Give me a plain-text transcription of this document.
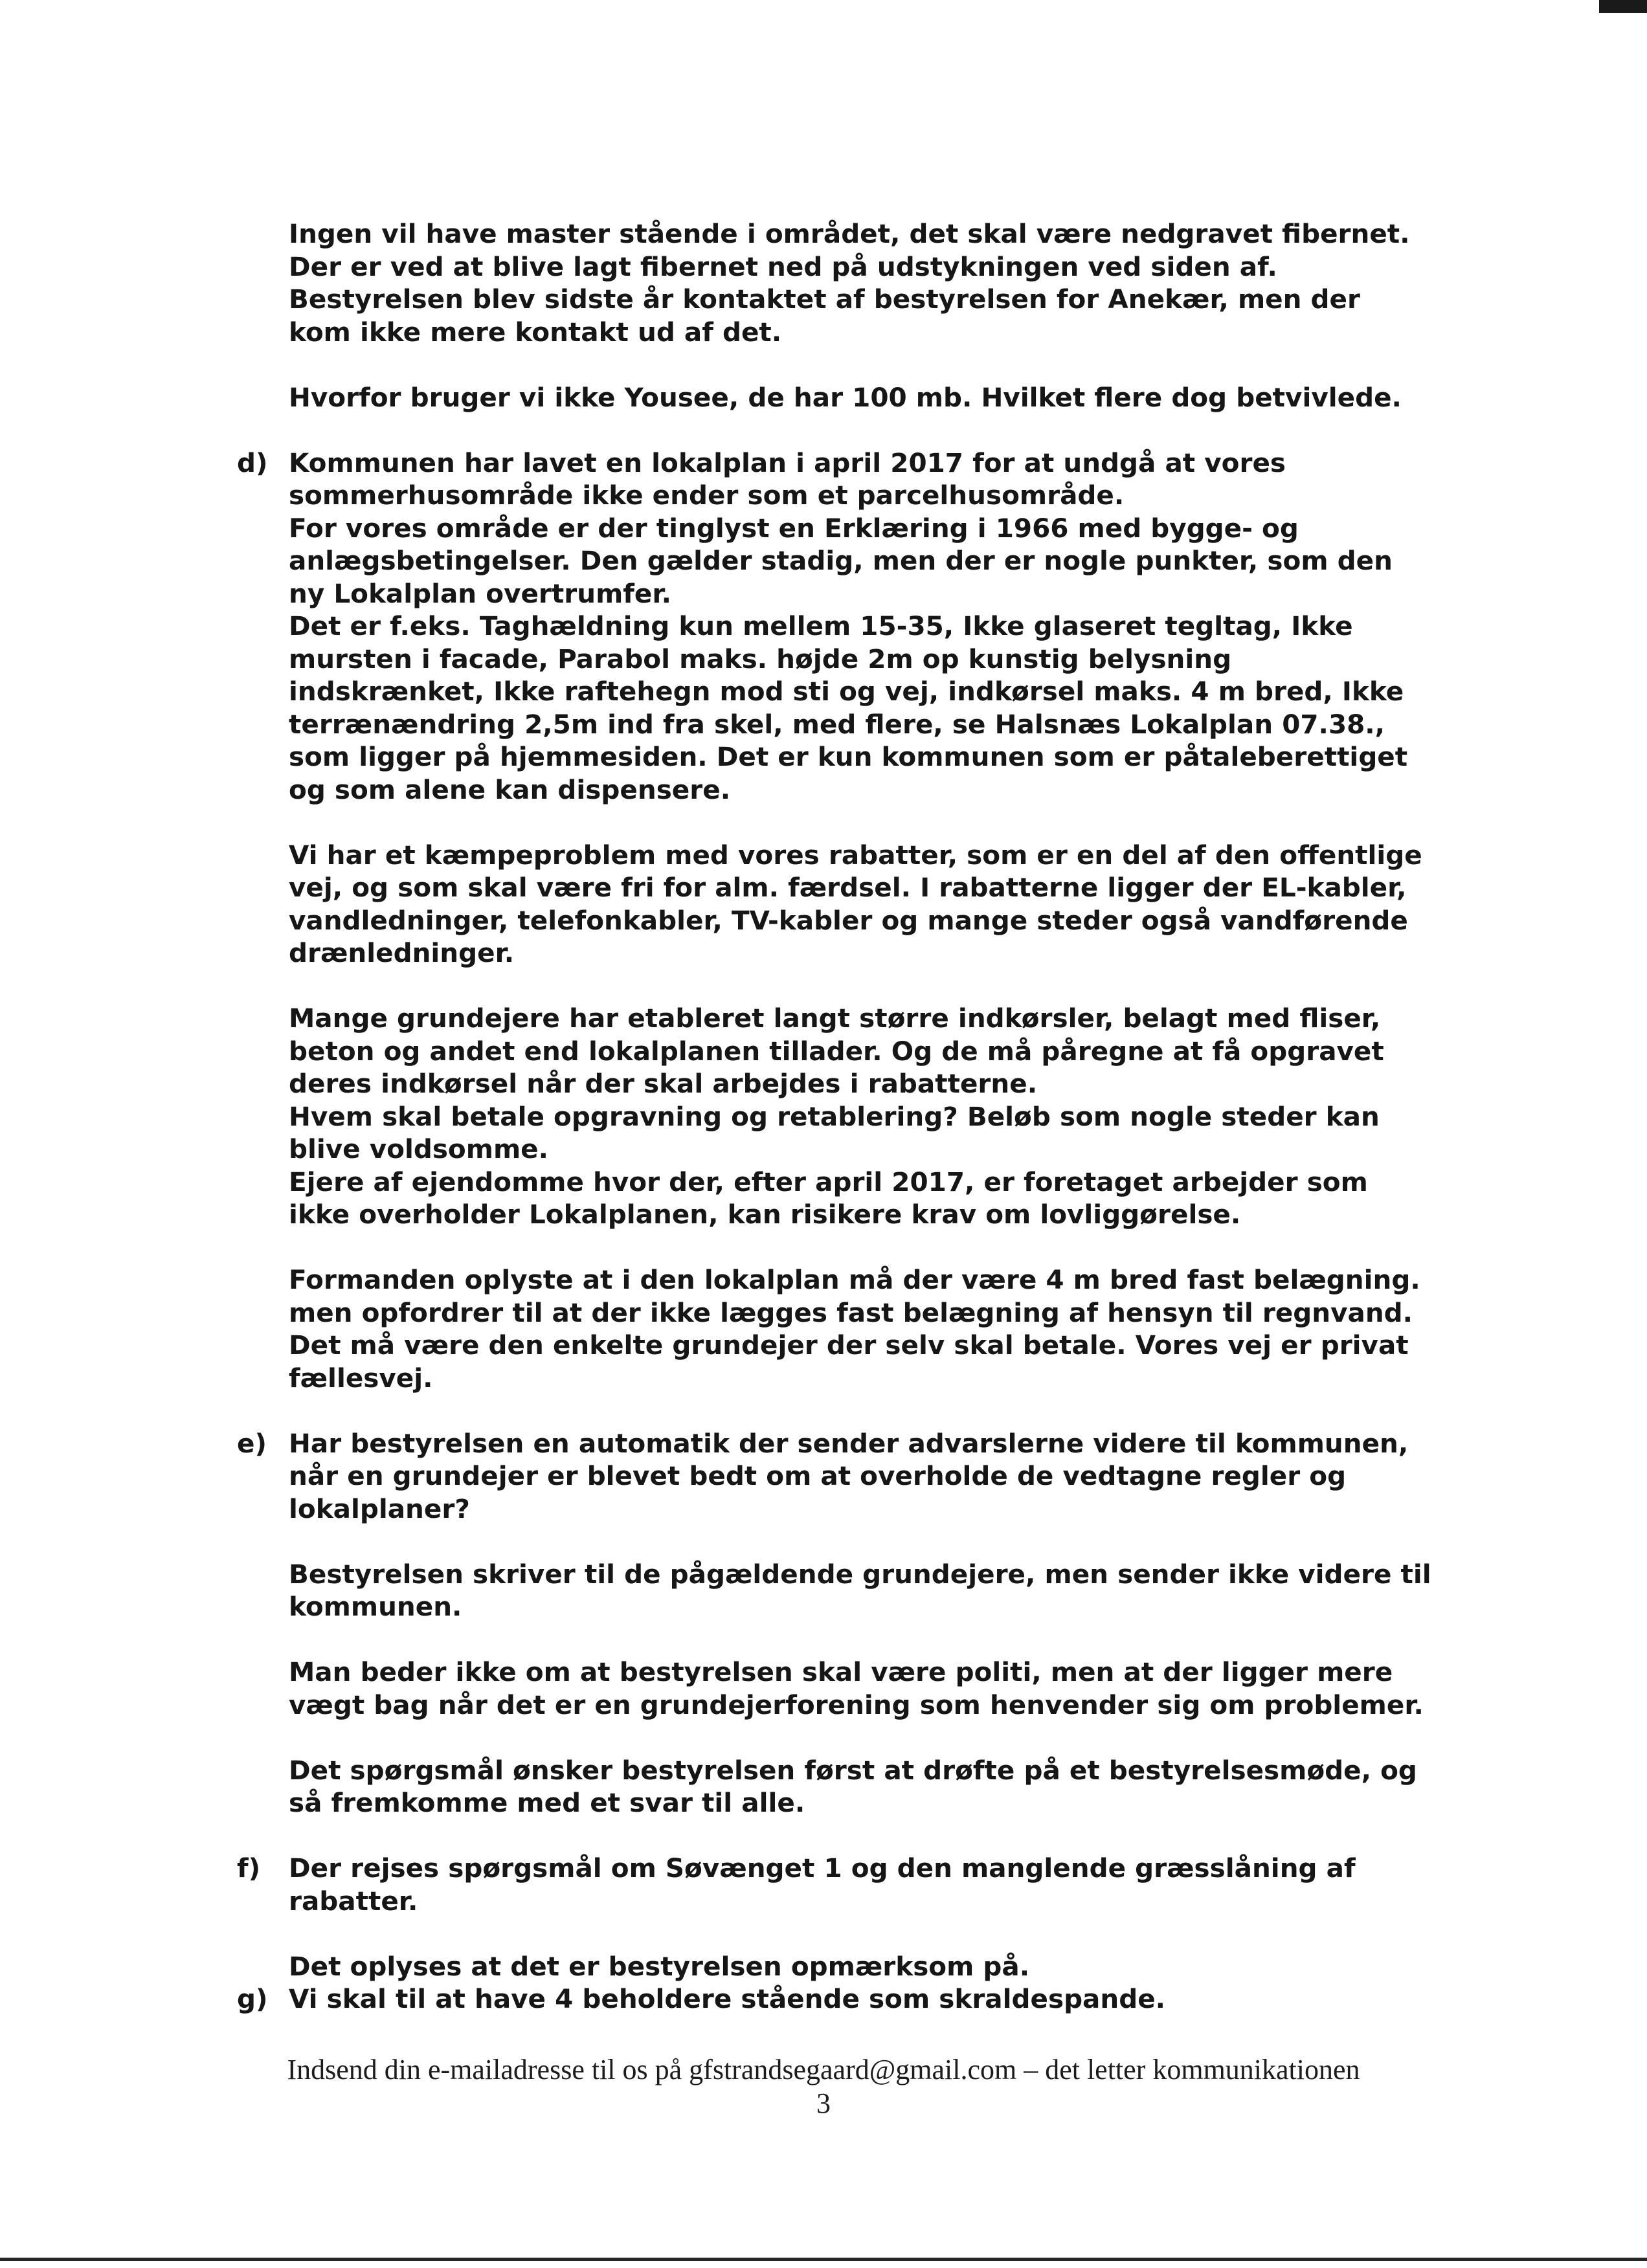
Ingen vil have master stående i området, det skal være nedgravet fibernet.
Der er ved at blive lagt fibernet ned på udstykningen ved siden af.
Bestyrelsen blev sidste år kontaktet af bestyrelsen for Anekær, men der
kom ikke mere kontakt ud af det.
Hvorfor bruger vi ikke Yousee, de har 100 mb. Hvilket flere dog betvivlede.
d) Kommunen har lavet en lokalplan i april 2017 for at undgå at vores
sommerhusområde ikke ender som et parcelhusområde.
For vores område er der tinglyst en Erklæring i 1966 med bygge- og
anlægsbetingelser. Den gælder stadig, men der er nogle punkter, som den
ny Lokalplan overtrumfer.
Det er f.eks. Taghældning kun mellem 15-35, Ikke glaseret tegltag, Ikke
mursten i facade, Parabol maks. højde 2m op kunstig belysning
indskrænket, Ikke raftehegn mod sti og vej, indkørsel maks. 4 m bred, Ikke
terrænændring 2,5m ind fra skel, med flere, se Halsnæs Lokalplan 07.38.,
som ligger på hjemmesiden. Det er kun kommunen som er påtaleberettiget
og som alene kan dispensere.
Vi har et kæmpeproblem med vores rabatter, som er en del af den offentlige
vej, og som skal være fri for alm. færdsel. I rabatterne ligger der EL-kabler,
vandledninger, telefonkabler, TV-kabler og mange steder også vandførende
drænledninger.
Mange grundejere har etableret langt større indkørsler, belagt med fliser,
beton og andet end lokalplanen tillader. Og de må påregne at få opgravet
deres indkørsel når der skal arbejdes i rabatterne.
Hvem skal betale opgravning og retablering? Beløb som nogle steder kan
blive voldsomme.
Ejere af ejendomme hvor der, efter april 2017, er foretaget arbejder som
ikke overholder Lokalplanen, kan risikere krav om lovliggørelse.
Formanden oplyste at i den lokalplan må der være 4 m bred fast belægning.
men opfordrer til at der ikke lægges fast belægning af hensyn til regnvand.
Det må være den enkelte grundejer der selv skal betale. Vores vej er privat
fællesvej.
e) Har bestyrelsen en automatik der sender advarslerne videre til kommunen,
når en grundejer er blevet bedt om at overholde de vedtagne regler og
lokalplaner?
Bestyrelsen skriver til de pågældende grundejere, men sender ikke videre til
kommunen.
Man beder ikke om at bestyrelsen skal være politi, men at der ligger mere
vægt bag når det er en grundejerforening som henvender sig om problemer.
Det spørgsmål ønsker bestyrelsen først at drøfte på et bestyrelsesmøde, og
så fremkomme med et svar til alle.
f) Der rejses spørgsmål om Søvænget 1 og den manglende græsslåning af
rabatter.
Det oplyses at det er bestyrelsen opmærksom på.
g) Vi skal til at have 4 beholdere stående som skraldespande.
Indsend din e-mailadresse til os på gfstrandsegaard@gmail.com – det letter kommunikationen
3
